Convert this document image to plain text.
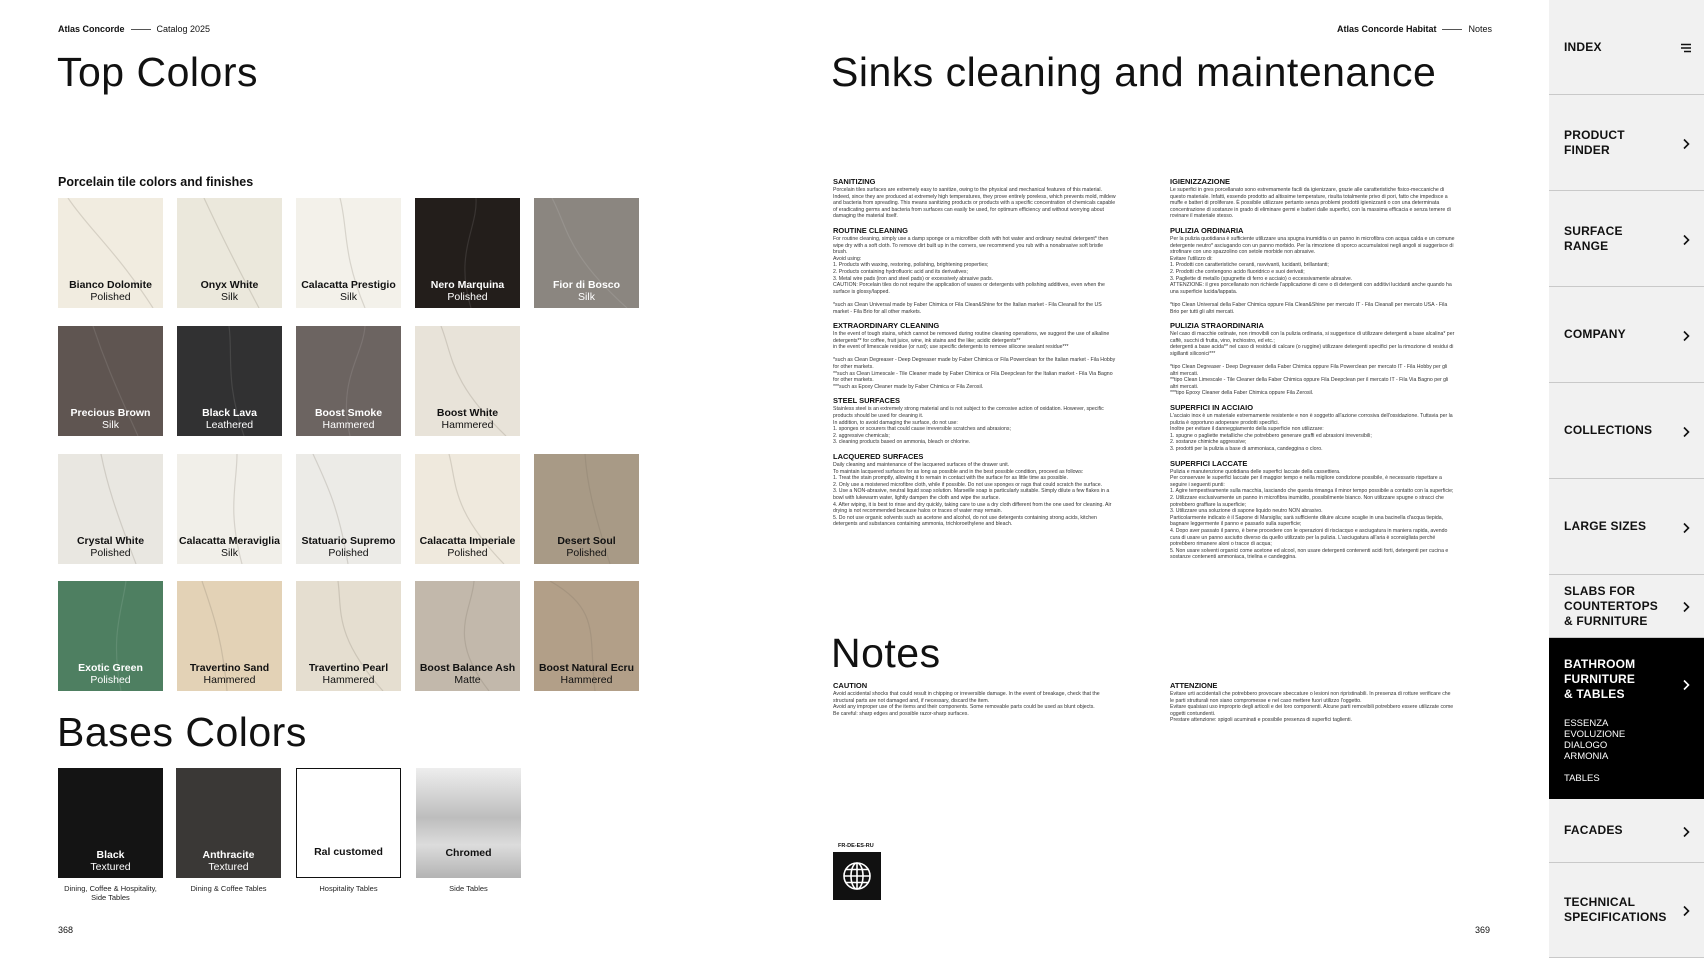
Atlas Concorde	Catalog 2025
Top Colors
Porcelain tile colors and finishes
Bianco Dolomite
Polished
Onyx White
Silk
Calacatta Prestigio
Silk
Nero Marquina
Polished
Fior di Bosco
Silk
Precious Brown
Silk
Black Lava
Leathered
Boost Smoke
Hammered
Boost White
Hammered
Crystal White
Polished
Calacatta Meraviglia
Silk
Statuario Supremo
Polished
Calacatta Imperiale
Polished
Desert Soul
Polished
Exotic Green
Polished
Travertino Sand
Hammered
Travertino Pearl
Hammered
Boost Balance Ash
Matte
Boost Natural Ecru
Hammered
Bases Colors
Black
Textured
Dining, Coffee & Hospitality,
Side Tables
Anthracite
Textured
Dining & Coffee Tables
Ral customed
Hospitality Tables
Chromed
Side Tables
368
Atlas Concorde Habitat	Notes
Sinks cleaning and maintenance
SANITIZING
Porcelain tiles surfaces are extremely easy to sanitize, owing to the physical and mechanical features of this material. Indeed, since they are produced at extremely high temperatures, they prove entirely poreless, which prevents mold, mildew and bacteria from spreading. This means sanitizing products or products with a specific concentration of chemicals capable of eradicating germs and bacteria from surfaces can easily be used, for optimum efficiency and without worrying about damaging the material itself.
ROUTINE CLEANING
For routine cleaning, simply use a damp sponge or a microfiber cloth with hot water and ordinary neutral detergent* then wipe dry with a soft cloth. To remove dirt built up in the corners, we recommend you rub with a nonabrasive soft bristle brush.
Avoid using:
1. Products with waxing, restoring, polishing, brightening properties;
2. Products containing hydrofluoric acid and its derivatives;
3. Metal wire pads (iron and steel pads) or excessively abrasive pads.
CAUTION: Porcelain tiles do not require the application of waxes or detergents with polishing additives, even when the surface is glossy/lapped.

*such as Clean Universal made by Faber Chimica or Fila Clean&Shine for the Italian market - Fila Cleanall for the US market - Fila Brio for all other markets.
EXTRAORDINARY CLEANING
In the event of tough stains, which cannot be removed during routine cleaning operations, we suggest the use of alkaline detergents** for coffee, fruit juice, wine, ink stains and the like; acidic detergents**
in the event of limescale residue (or rust); use specific detergents to remove silicone sealant residue***

*such as Clean Degreaser - Deep Degreaser made by Faber Chimica or Fila Powerclean for the Italian market - Fila Hobby for other markets.
**such as Clean Limescale - Tile Cleaner made by Faber Chimica or Fila Deepclean for the Italian market - Fila Via Bagno for other markets.
***such as Epoxy Cleaner made by Faber Chimica or Fila Zerosil.
STEEL SURFACES
Stainless steel is an extremely strong material and is not subject to the corrosive action of oxidation. However, specific products should be used for cleaning it.
In addition, to avoid damaging the surface, do not use:
1. sponges or scourers that could cause irreversible scratches and abrasions;
2. aggressive chemicals;
3. cleaning products based on ammonia, bleach or chlorine.
LACQUERED SURFACES
Daily cleaning and maintenance of the lacquered surfaces of the drawer unit.
To maintain lacquered surfaces for as long as possible and in the best possible condition, proceed as follows:
1. Treat the stain promptly, allowing it to remain in contact with the surface for as little time as possible.
2. Only use a moistened microfibre cloth, while if possible. Do not use sponges or rags that could scratch the surface.
3. Use a NON-abrasive, neutral liquid soap solution. Marseille soap is particularly suitable. Simply dilute a few flakes in a bowl with lukewarm water, lightly dampen the cloth and wipe the surface.
4. After wiping, it is best to rinse and dry quickly, taking care to use a dry cloth different from the one used for cleaning. Air drying is not recommended because halos or traces of water may remain.
5. Do not use organic solvents such as acetone and alcohol, do not use detergents containing strong acids, kitchen detergents and substances containing ammonia, trichloroethylene and bleach.
IGIENIZZAZIONE
Le superfici in gres porcellanato sono estremamente facili da igienizzare, grazie alle caratteristiche fisico-meccaniche di questo materiale. Infatti, essendo prodotto ad altissime temperature, risulta totalmente privo di pori, fatto che impedisce a muffe e batteri di proliferare. È possibile utilizzare pertanto senza problemi prodotti igienizzanti o con una determinata concentrazione di sostanze in grado di eliminare germi e batteri dalle superfici, con la massima efficacia e senza temere di rovinare il materiale stesso.
PULIZIA ORDINARIA
Per la pulizia quotidiana è sufficiente utilizzare una spugna inumidita o un panno in microfibra con acqua calda e un comune detergente neutro* asciugando con un panno morbido. Per la rimozione di sporco accumulatosi negli angoli si suggerisce di strofinare con uno spazzolino con setole morbide non abrasive.
Evitare l'utilizzo di:
1. Prodotti con caratteristiche ceranti, ravvivanti, lucidanti, brillantanti;
2. Prodotti che contengono acido fluoridrico e suoi derivati;
3. Pagliette di metallo (spugnette di ferro e acciaio) o eccessivamente abrasive.
ATTENZIONE: il gres porcellanato non richiede l'applicazione di cere o di detergenti con additivi lucidanti anche quando ha una superficie lucida/lappata.

*tipo Clean Universal della Faber Chimica oppure Fila Clean&Shine per mercato IT - Fila Cleanall per mercato USA - Fila Brio per tutti gli altri mercati.
PULIZIA STRAORDINARIA
Nel caso di macchie ostinate, non rimovibili con la pulizia ordinaria, si suggerisce di utilizzare detergenti a base alcalina* per caffè, succhi di frutta, vino, inchiostro, ed etc.;
detergenti a base acida** nel caso di residui di calcare (o ruggine) utilizzare detergenti specifici per la rimozione di residui di sigillanti siliconici***

*tipo Clean Degreaser - Deep Degreaser della Faber Chimica oppure Fila Powerclean per mercato IT - Fila Hobby per gli altri mercati.
**tipo Clean Limescale - Tile Cleaner della Faber Chimica oppure Fila Deepclean per il mercato IT - Fila Via Bagno per gli altri mercati.
***tipo Epoxy Cleaner della Faber Chimica oppure Fila Zerosil.
SUPERFICI IN ACCIAIO
L'acciaio inox è un materiale estremamente resistente e non è soggetto all'azione corrosiva dell'ossidazione. Tuttavia per la pulizia è opportuno adoperare prodotti specifici.
Inoltre per evitare il danneggiamento della superficie non utilizzare:
1. spugne o pagliette metalliche che potrebbero generare graffi ed abrasioni irreversibili;
2. sostanze chimiche aggressive;
3. prodotti per la pulizia a base di ammoniaca, candeggina o cloro.
SUPERFICI LACCATE
Pulizia e manutenzione quotidiana delle superfici laccate della cassettiera.
Per conservare le superfici laccate per il maggior tempo e nella migliore condizione possibile, è necessario rispettare a seguire i seguenti punti:
1. Agire tempestivamente sulla macchia, lasciando che questa rimanga il minor tempo possibile a contatto con la superficie;
2. Utilizzare esclusivamente un panno in microfibra inumidito, possibilmente bianco. Non utilizzare spugne o stracci che potrebbero graffiare la superficie;
3. Utilizzare una soluzione di sapone liquido neutro NON abrasivo.
Particolarmente indicato è il Sapone di Marsiglia; sarà sufficiente diluire alcune scaglie in una bacinella d'acqua tiepida, bagnare leggermente il panno e passarlo sulla superficie;
4. Dopo aver passato il panno, è bene procedere con le operazioni di risciacquo e asciugatura in maniera rapida, avendo cura di usare un panno asciutto diverso da quello utilizzato per la pulizia. L'asciugatura all'aria è sconsigliata perché potrebbero rimanere aloni o tracce di acqua;
5. Non usare solventi organici come acetone ed alcool, non usare detergenti contenenti acidi forti, detergenti per cucina e sostanze contenenti ammoniaca, trielina e candeggina.
Notes
CAUTION
Avoid accidental shocks that could result in chipping or irreversible damage. In the event of breakage, check that the structural parts are not damaged and, if necessary, discard the item.
Avoid any improper use of the items and their components. Some removable parts could be used as blunt objects.
Be careful: sharp edges and possible razor-sharp surfaces.
ATTENZIONE
Evitare urti accidentali che potrebbero provocare sbeccature o lesioni non ripristinabili. In presenza di rotture verificare che le parti strutturali non siano compromesse e nel caso mettere fuori utilizzo l'oggetto.
Evitare qualsiasi uso improprio degli articoli e dei loro componenti. Alcune parti removibili potrebbero essere utilizzate come oggetti contundenti.
Prestare attenzione: spigoli acuminati e possibile presenza di superfici taglienti.
FR-DE-ES-RU
369
INDEX
PRODUCT
FINDER
SURFACE
RANGE
COMPANY
COLLECTIONS
LARGE SIZES
SLABS FOR
COUNTERTOPS
& FURNITURE
BATHROOM
FURNITURE
& TABLES
ESSENZA
EVOLUZIONE
DIALOGO
ARMONIA
TABLES
FACADES
TECHNICAL
SPECIFICATIONS
